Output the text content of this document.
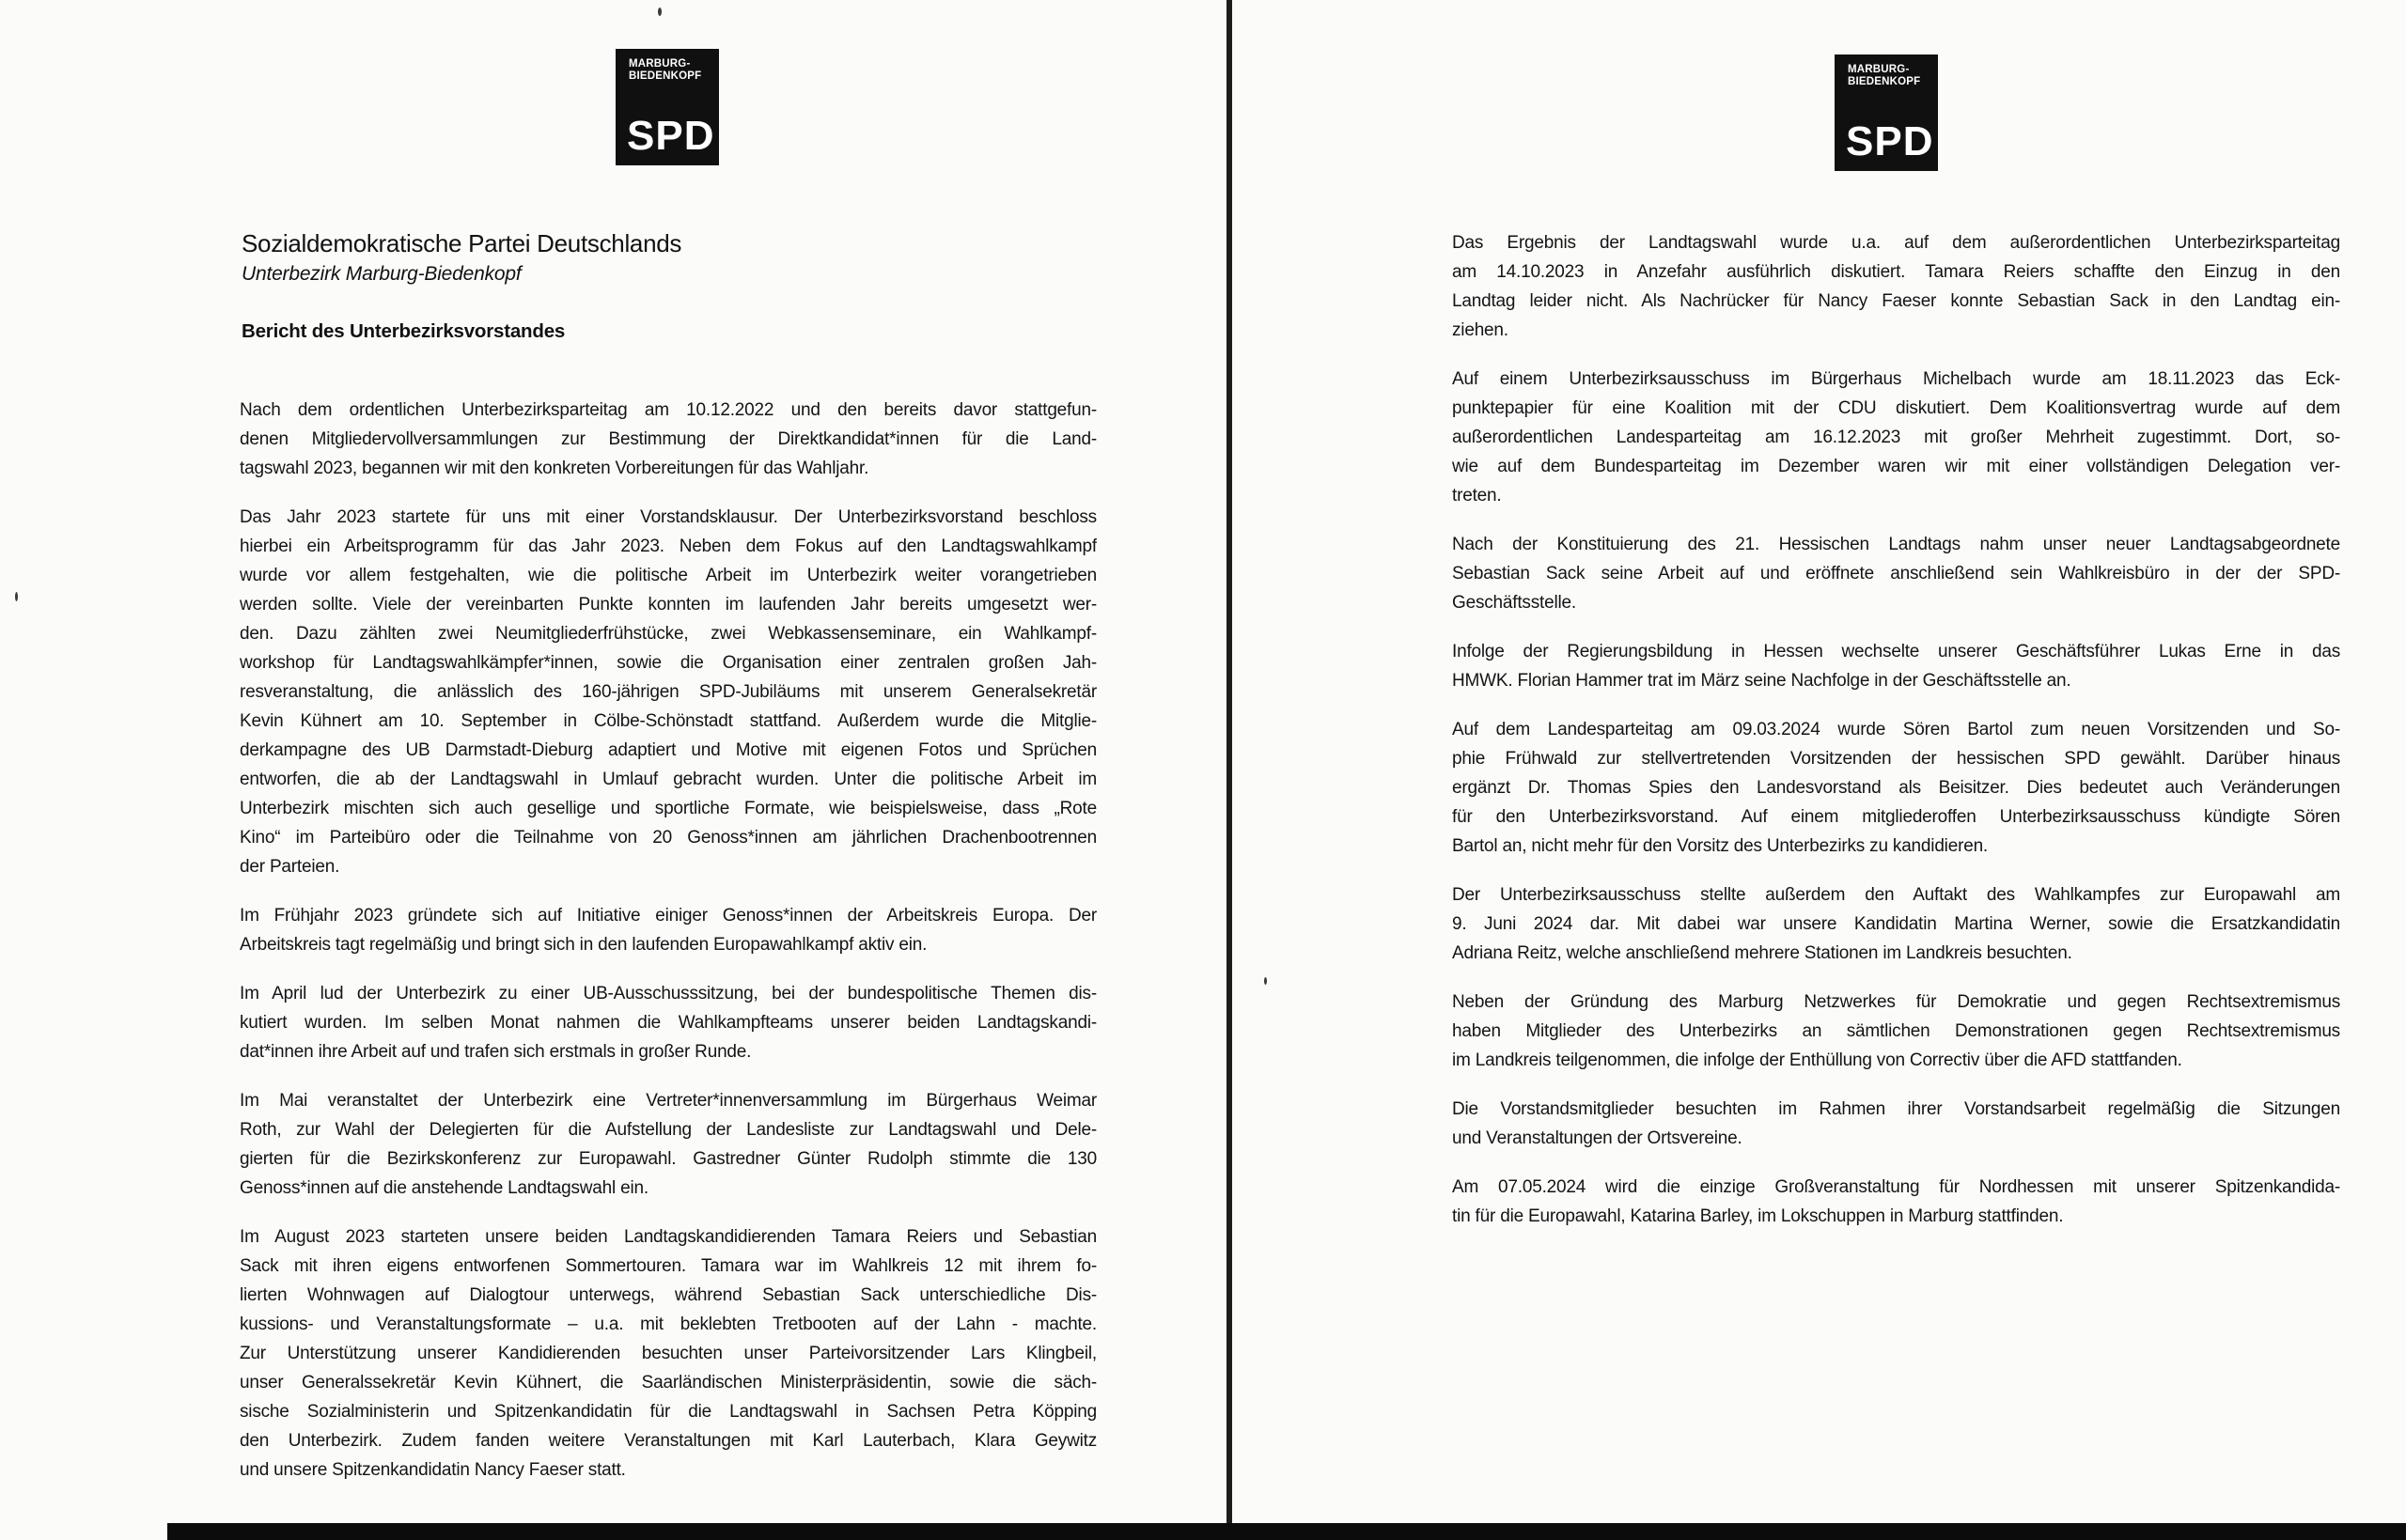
MARBURG-
BIEDENKOPF
SPD
Sozialdemokratische Partei Deutschlands
Unterbezirk Marburg-Biedenkopf
Bericht des Unterbezirksvorstandes
Nach dem ordentlichen Unterbezirksparteitag am 10.12.2022 und den bereits davor stattgefun-
denen Mitgliedervollversammlungen zur Bestimmung der Direktkandidat*innen für die Land-
tagswahl 2023, begannen wir mit den konkreten Vorbereitungen für das Wahljahr.
Das Jahr 2023 startete für uns mit einer Vorstandsklausur. Der Unterbezirksvorstand beschloss
hierbei ein Arbeitsprogramm für das Jahr 2023. Neben dem Fokus auf den Landtagswahlkampf
wurde vor allem festgehalten, wie die politische Arbeit im Unterbezirk weiter vorangetrieben
werden sollte. Viele der vereinbarten Punkte konnten im laufenden Jahr bereits umgesetzt wer-
den. Dazu zählten zwei Neumitgliederfrühstücke, zwei Webkassenseminare, ein Wahlkampf-
workshop für Landtagswahlkämpfer*innen, sowie die Organisation einer zentralen großen Jah-
resveranstaltung, die anlässlich des 160-jährigen SPD-Jubiläums mit unserem Generalsekretär
Kevin Kühnert am 10. September in Cölbe-Schönstadt stattfand. Außerdem wurde die Mitglie-
derkampagne des UB Darmstadt-Dieburg adaptiert und Motive mit eigenen Fotos und Sprüchen
entworfen, die ab der Landtagswahl in Umlauf gebracht wurden. Unter die politische Arbeit im
Unterbezirk mischten sich auch gesellige und sportliche Formate, wie beispielsweise, dass „Rote
Kino“ im Parteibüro oder die Teilnahme von 20 Genoss*innen am jährlichen Drachenbootrennen
der Parteien.
Im Frühjahr 2023 gründete sich auf Initiative einiger Genoss*innen der Arbeitskreis Europa. Der
Arbeitskreis tagt regelmäßig und bringt sich in den laufenden Europawahlkampf aktiv ein.
Im April lud der Unterbezirk zu einer UB-Ausschusssitzung, bei der bundespolitische Themen dis-
kutiert wurden. Im selben Monat nahmen die Wahlkampfteams unserer beiden Landtagskandi-
dat*innen ihre Arbeit auf und trafen sich erstmals in großer Runde.
Im Mai veranstaltet der Unterbezirk eine Vertreter*innenversammlung im Bürgerhaus Weimar
Roth, zur Wahl der Delegierten für die Aufstellung der Landesliste zur Landtagswahl und Dele-
gierten für die Bezirkskonferenz zur Europawahl. Gastredner Günter Rudolph stimmte die 130
Genoss*innen auf die anstehende Landtagswahl ein.
Im August 2023 starteten unsere beiden Landtagskandidierenden Tamara Reiers und Sebastian
Sack mit ihren eigens entworfenen Sommertouren. Tamara war im Wahlkreis 12 mit ihrem fo-
lierten Wohnwagen auf Dialogtour unterwegs, während Sebastian Sack unterschiedliche Dis-
kussions- und Veranstaltungsformate – u.a. mit beklebten Tretbooten auf der Lahn - machte.
Zur Unterstützung unserer Kandidierenden besuchten unser Parteivorsitzender Lars Klingbeil,
unser Generalssekretär Kevin Kühnert, die Saarländischen Ministerpräsidentin, sowie die säch-
sische Sozialministerin und Spitzenkandidatin für die Landtagswahl in Sachsen Petra Köpping
den Unterbezirk. Zudem fanden weitere Veranstaltungen mit Karl Lauterbach, Klara Geywitz
und unsere Spitzenkandidatin Nancy Faeser statt.
MARBURG-
BIEDENKOPF
SPD
Das Ergebnis der Landtagswahl wurde u.a. auf dem außerordentlichen Unterbezirksparteitag
am 14.10.2023 in Anzefahr ausführlich diskutiert. Tamara Reiers schaffte den Einzug in den
Landtag leider nicht. Als Nachrücker für Nancy Faeser konnte Sebastian Sack in den Landtag ein-
ziehen.
Auf einem Unterbezirksausschuss im Bürgerhaus Michelbach wurde am 18.11.2023 das Eck-
punktepapier für eine Koalition mit der CDU diskutiert. Dem Koalitionsvertrag wurde auf dem
außerordentlichen Landesparteitag am 16.12.2023 mit großer Mehrheit zugestimmt. Dort, so-
wie auf dem Bundesparteitag im Dezember waren wir mit einer vollständigen Delegation ver-
treten.
Nach der Konstituierung des 21. Hessischen Landtags nahm unser neuer Landtagsabgeordnete
Sebastian Sack seine Arbeit auf und eröffnete anschließend sein Wahlkreisbüro in der der SPD-
Geschäftsstelle.
Infolge der Regierungsbildung in Hessen wechselte unserer Geschäftsführer Lukas Erne in das
HMWK. Florian Hammer trat im März seine Nachfolge in der Geschäftsstelle an.
Auf dem Landesparteitag am 09.03.2024 wurde Sören Bartol zum neuen Vorsitzenden und So-
phie Frühwald zur stellvertretenden Vorsitzenden der hessischen SPD gewählt. Darüber hinaus
ergänzt Dr. Thomas Spies den Landesvorstand als Beisitzer. Dies bedeutet auch Veränderungen
für den Unterbezirksvorstand. Auf einem mitgliederoffen Unterbezirksausschuss kündigte Sören
Bartol an, nicht mehr für den Vorsitz des Unterbezirks zu kandidieren.
Der Unterbezirksausschuss stellte außerdem den Auftakt des Wahlkampfes zur Europawahl am
9. Juni 2024 dar. Mit dabei war unsere Kandidatin Martina Werner, sowie die Ersatzkandidatin
Adriana Reitz, welche anschließend mehrere Stationen im Landkreis besuchten.
Neben der Gründung des Marburg Netzwerkes für Demokratie und gegen Rechtsextremismus
haben Mitglieder des Unterbezirks an sämtlichen Demonstrationen gegen Rechtsextremismus
im Landkreis teilgenommen, die infolge der Enthüllung von Correctiv über die AFD stattfanden.
Die Vorstandsmitglieder besuchten im Rahmen ihrer Vorstandsarbeit regelmäßig die Sitzungen
und Veranstaltungen der Ortsvereine.
Am 07.05.2024 wird die einzige Großveranstaltung für Nordhessen mit unserer Spitzenkandida-
tin für die Europawahl, Katarina Barley, im Lokschuppen in Marburg stattfinden.
